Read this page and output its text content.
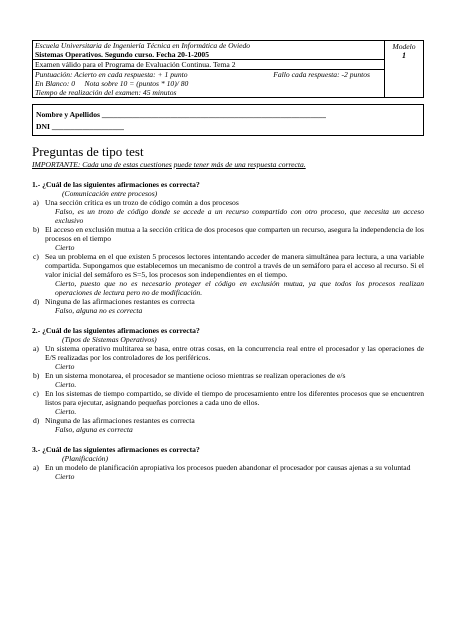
Escuela Universitaria de Ingeniería Técnica en Informática de Oviedo
Sistemas Operativos. Segundo curso. Fecha 20-1-2005
Examen válido para el Programa de Evaluación Continua. Tema 2
Puntuación: Acierto en cada respuesta: + 1 punto	Fallo cada respuesta: -2 puntos
En Blanco: 0     Nota sobre 10 = (puntos * 10)/ 80
Tiempo de realización del examen: 45 minutos
Modelo
1
Nombre y Apellidos ___________________________________________________________
DNI ___________________
Preguntas de tipo test
IMPORTANTE: Cada una de estas cuestiones puede tener más de una respuesta correcta.
1.- ¿Cuál de las siguientes afirmaciones es correcta?
(Comunicación entre procesos)
a) Una sección crítica es un trozo de código común a dos procesos
Falso, es un trozo de código donde se accede a un recurso compartido con otro proceso, que necesita un acceso exclusivo
b) El acceso en exclusión mutua a la sección crítica de dos procesos que comparten un recurso, asegura la independencia de los procesos en el tiempo
Cierto
c) Sea un problema en el que existen 5 procesos lectores intentando acceder de manera simultánea para lectura, a una variable compartida. Supongamos que establecemos un mecanismo de control a través de un semáforo para el acceso al recurso. Si el valor inicial del semáforo es S=5, los procesos son independientes en el tiempo.
Cierto, puesto que no es necesario proteger el código en exclusión mutua, ya que todos los procesos realizan operaciones de lectura pero no de modificación.
d) Ninguna de las afirmaciones restantes es correcta
Falso, alguna no es correcta
2.- ¿Cuál de las siguientes afirmaciones es correcta?
(Tipos de Sistemas Operativos)
a) Un sistema operativo multitarea se basa, entre otras cosas, en la concurrencia real entre el procesador y las operaciones de E/S realizadas por los controladores de los periféricos.
Cierto
b) En un sistema monotarea, el procesador se mantiene ocioso mientras se realizan operaciones de e/s
Cierto.
c) En los sistemas de tiempo compartido, se divide el tiempo de procesamiento entre los diferentes procesos que se encuentren listos para ejecutar, asignando pequeñas porciones a cada uno de ellos.
Cierto.
d) Ninguna de las afirmaciones restantes es correcta
Falso, alguna es correcta
3.- ¿Cuál de las siguientes afirmaciones es correcta?
(Planificación)
a) En un modelo de planificación apropiativa los procesos pueden abandonar el procesador por causas ajenas a su voluntad
Cierto
